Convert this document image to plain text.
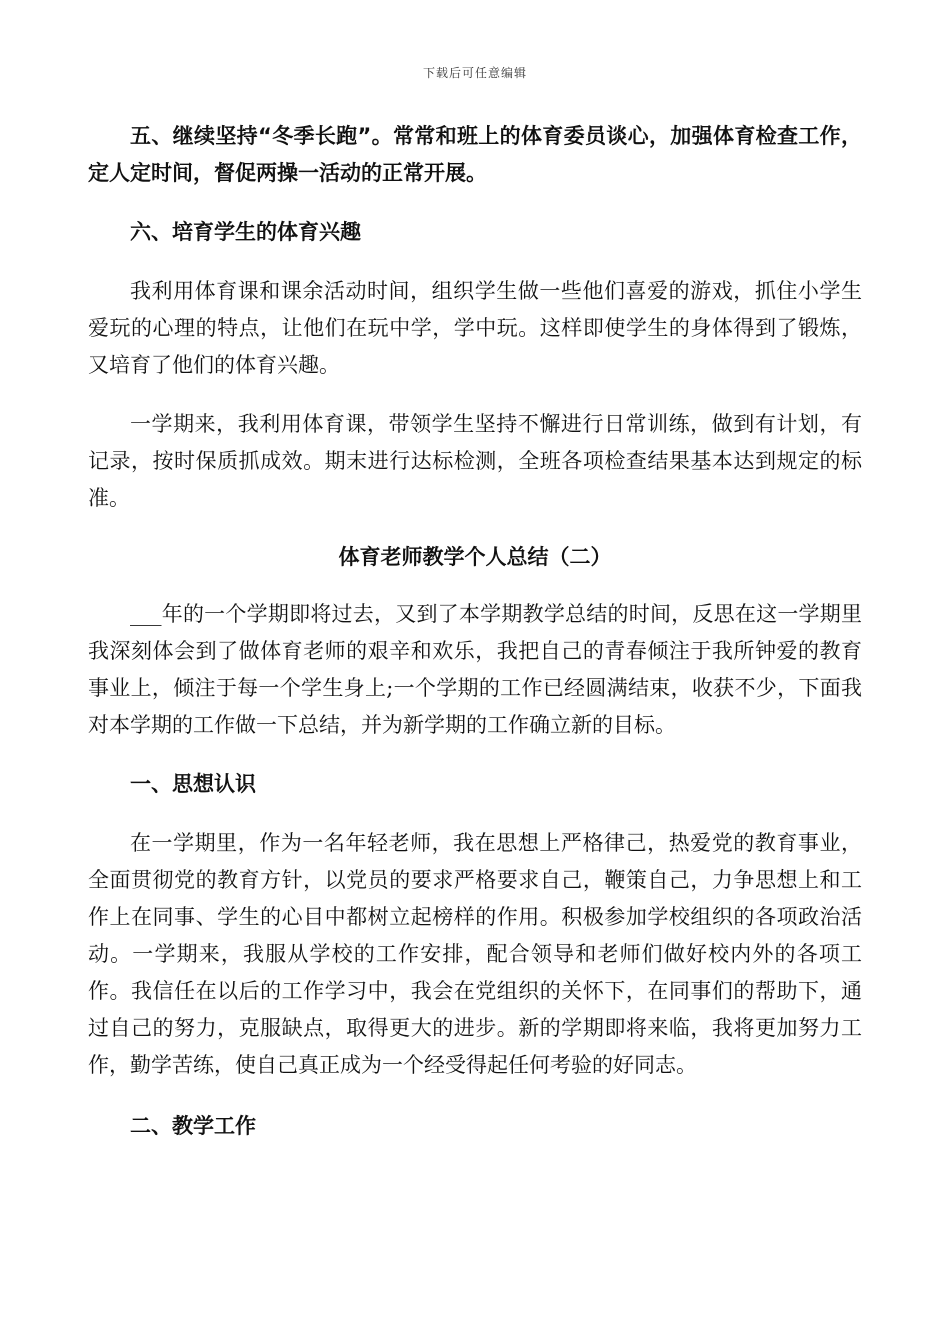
下载后可任意编辑

五、继续坚持“冬季长跑”。常常和班上的体育委员谈心，加强体育检查工作，定人定时间，督促两操一活动的正常开展。

六、培育学生的体育兴趣

我利用体育课和课余活动时间，组织学生做一些他们喜爱的游戏，抓住小学生爱玩的心理的特点，让他们在玩中学，学中玩。这样即使学生的身体得到了锻炼，又培育了他们的体育兴趣。

一学期来，我利用体育课，带领学生坚持不懈进行日常训练，做到有计划，有记录，按时保质抓成效。期末进行达标检测，全班各项检查结果基本达到规定的标准。

体育老师教学个人总结（二）

___年的一个学期即将过去，又到了本学期教学总结的时间，反思在这一学期里我深刻体会到了做体育老师的艰辛和欢乐，我把自己的青春倾注于我所钟爱的教育事业上，倾注于每一个学生身上;一个学期的工作已经圆满结束，收获不少，下面我对本学期的工作做一下总结，并为新学期的工作确立新的目标。

一、思想认识

在一学期里，作为一名年轻老师，我在思想上严格律己，热爱党的教育事业，全面贯彻党的教育方针，以党员的要求严格要求自己，鞭策自己，力争思想上和工作上在同事、学生的心目中都树立起榜样的作用。积极参加学校组织的各项政治活动。一学期来，我服从学校的工作安排，配合领导和老师们做好校内外的各项工作。我信任在以后的工作学习中，我会在党组织的关怀下，在同事们的帮助下，通过自己的努力，克服缺点，取得更大的进步。新的学期即将来临，我将更加努力工作，勤学苦练，使自己真正成为一个经受得起任何考验的好同志。

二、教学工作
